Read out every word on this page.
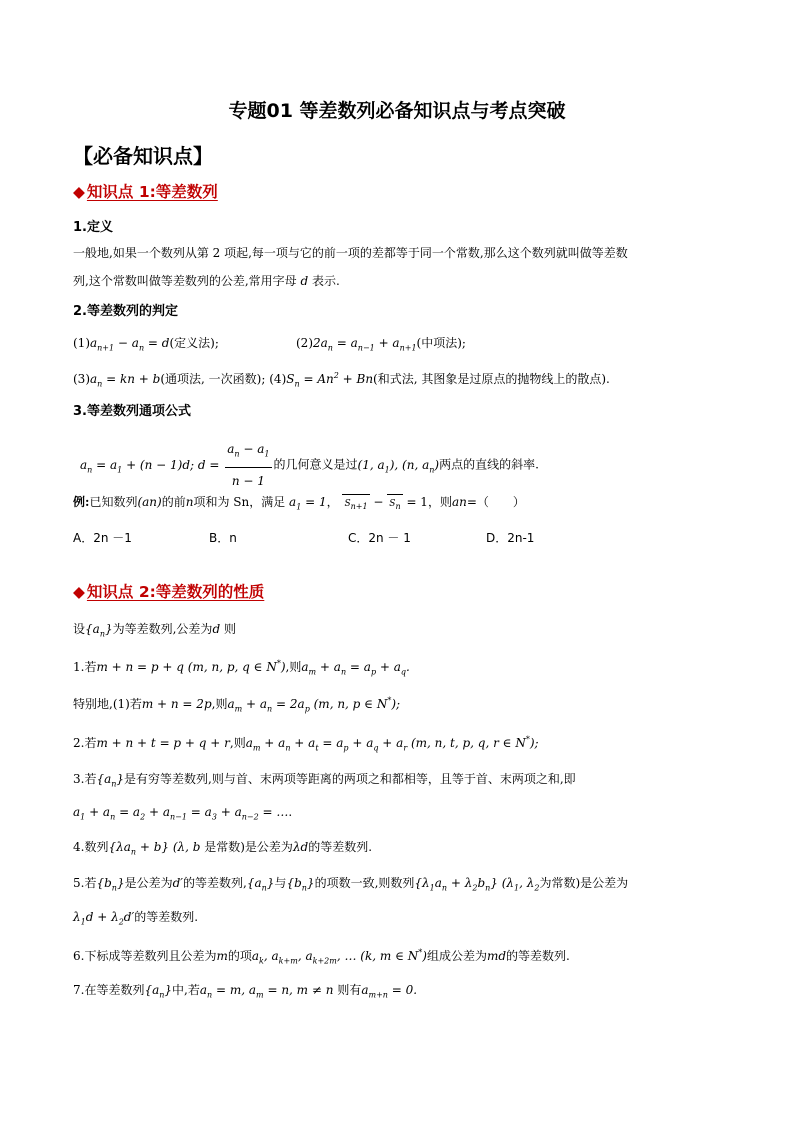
专题01 等差数列必备知识点与考点突破
【必备知识点】
◆ 知识点 1:等差数列
1.定义
一般地,如果一个数列从第 2 项起,每一项与它的前一项的差都等于同一个常数,那么这个数列就叫做等差数
列,这个常数叫做等差数列的公差,常用字母 d 表示.
2.等差数列的判定
$(1)a_{n+1} - a_n = d$(定义法);	$(2)2a_n = a_{n-1} + a_{n+1}$(中项法);
$(3)a_n$ = kn + b(通项法, 一次函数); $(4)S_n = An^2 + Bn$(和式法, 其图象是过原点的抛物线上的散点).
3.等差数列通项公式
$a_n = a_1 + (n - 1)d$; $d = \frac{a_n - a_1}{n - 1}$ 的几何意义是过(1, $a_1$), (n, $a_n$)两点的直线的斜率.
例:已知数列(an)的前n项和为 Sn，满足 $a_1 = 1$， $S_{n+1} - S_n = 1$，则an=（　　）
A．2n －1	B．n	C．2n － 1	D．2n-1
◆ 知识点 2:等差数列的性质
设$\{a_n\}$为等差数列,公差为d 则
1.若m + n = p + q (m, n, p, q ∈ N*),则$a_m + a_n = a_p + a_q$.
特别地,(1)若m + n = 2p,则$a_m + a_n = 2a_p$ (m, n, p ∈ N*);
2.若m + n + t = p + q + r,则$a_m + a_n + a_t = a_p + a_q + a_r$ (m, n, t, p, q, r ∈ N*);
3.若$\{a_n\}$是有穷等差数列,则与首、末两项等距离的两项之和都相等，且等于首、末两项之和,即
$a_1 + a_n = a_2 + a_{n-1} = a_3 + a_{n-2}$ = ….
4.数列$\{\lambda a_n + b\}$ (λ, b 是常数)是公差为λd的等差数列.
5.若$\{b_n\}$是公差为d′的等差数列$,\{a_n\}$与$\{b_n\}$的项数一致,则数列$\{\lambda_1a_n + \lambda_2b_n\}$ ($\lambda_1$, $\lambda_2$为常数)是公差为
$\lambda_1d + \lambda_2d'$的等差数列.
6.下标成等差数列且公差为m的项$a_k$, $a_{k+m}$, $a_{k+2m}$, … (k, m ∈ N*)组成公差为md的等差数列.
7.在等差数列$\{a_n\}$中,若$a_n = m$, $a_m = n$, m ≠ n 则有$a_{m+n} = 0$.
